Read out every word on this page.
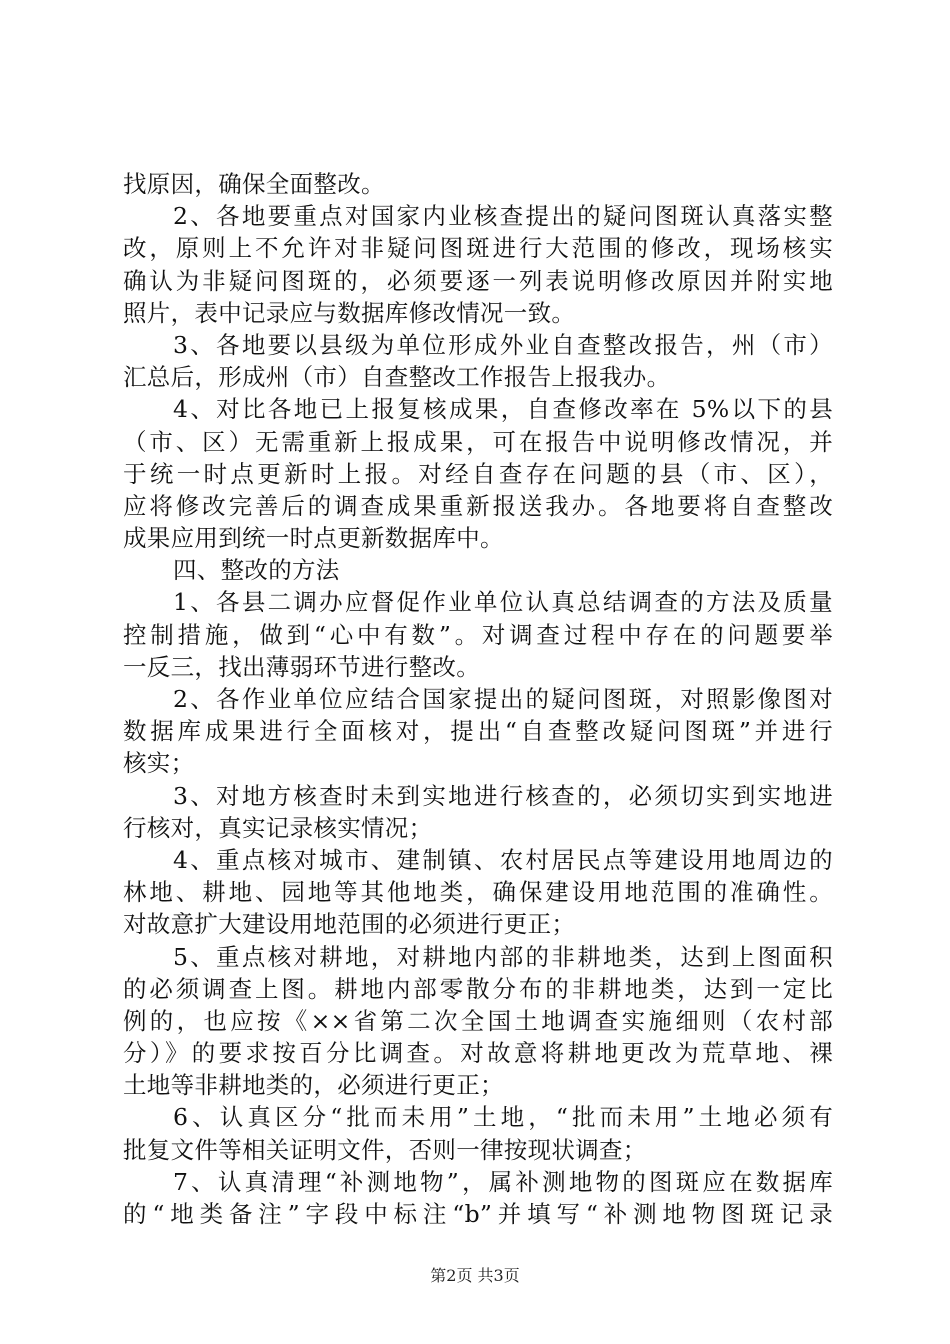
找原因，确保全面整改。
2、各地要重点对国家内业核查提出的疑问图斑认真落实整
改，原则上不允许对非疑问图斑进行大范围的修改，现场核实
确认为非疑问图斑的，必须要逐一列表说明修改原因并附实地
照片，表中记录应与数据库修改情况一致。
3、各地要以县级为单位形成外业自查整改报告，州（市）
汇总后，形成州（市）自查整改工作报告上报我办。
4、对比各地已上报复核成果，自查修改率在 5%以下的县
（市、区）无需重新上报成果，可在报告中说明修改情况，并
于统一时点更新时上报。对经自查存在问题的县（市、区），
应将修改完善后的调查成果重新报送我办。各地要将自查整改
成果应用到统一时点更新数据库中。
四、整改的方法
1、各县二调办应督促作业单位认真总结调查的方法及质量
控制措施，做到“心中有数”。对调查过程中存在的问题要举
一反三，找出薄弱环节进行整改。
2、各作业单位应结合国家提出的疑问图斑，对照影像图对
数据库成果进行全面核对，提出“自查整改疑问图斑”并进行
核实；
3、对地方核查时未到实地进行核查的，必须切实到实地进
行核对，真实记录核实情况；
4、重点核对城市、建制镇、农村居民点等建设用地周边的
林地、耕地、园地等其他地类，确保建设用地范围的准确性。
对故意扩大建设用地范围的必须进行更正；
5、重点核对耕地，对耕地内部的非耕地类，达到上图面积
的必须调查上图。耕地内部零散分布的非耕地类，达到一定比
例的，也应按《××省第二次全国土地调查实施细则（农村部
分）》的要求按百分比调查。对故意将耕地更改为荒草地、裸
土地等非耕地类的，必须进行更正；
6、认真区分“批而未用”土地，“批而未用”土地必须有
批复文件等相关证明文件，否则一律按现状调查；
7、认真清理“补测地物”，属补测地物的图斑应在数据库
的“地类备注”字段中标注“b”并填写“补测地物图斑记录
第2页 共3页
